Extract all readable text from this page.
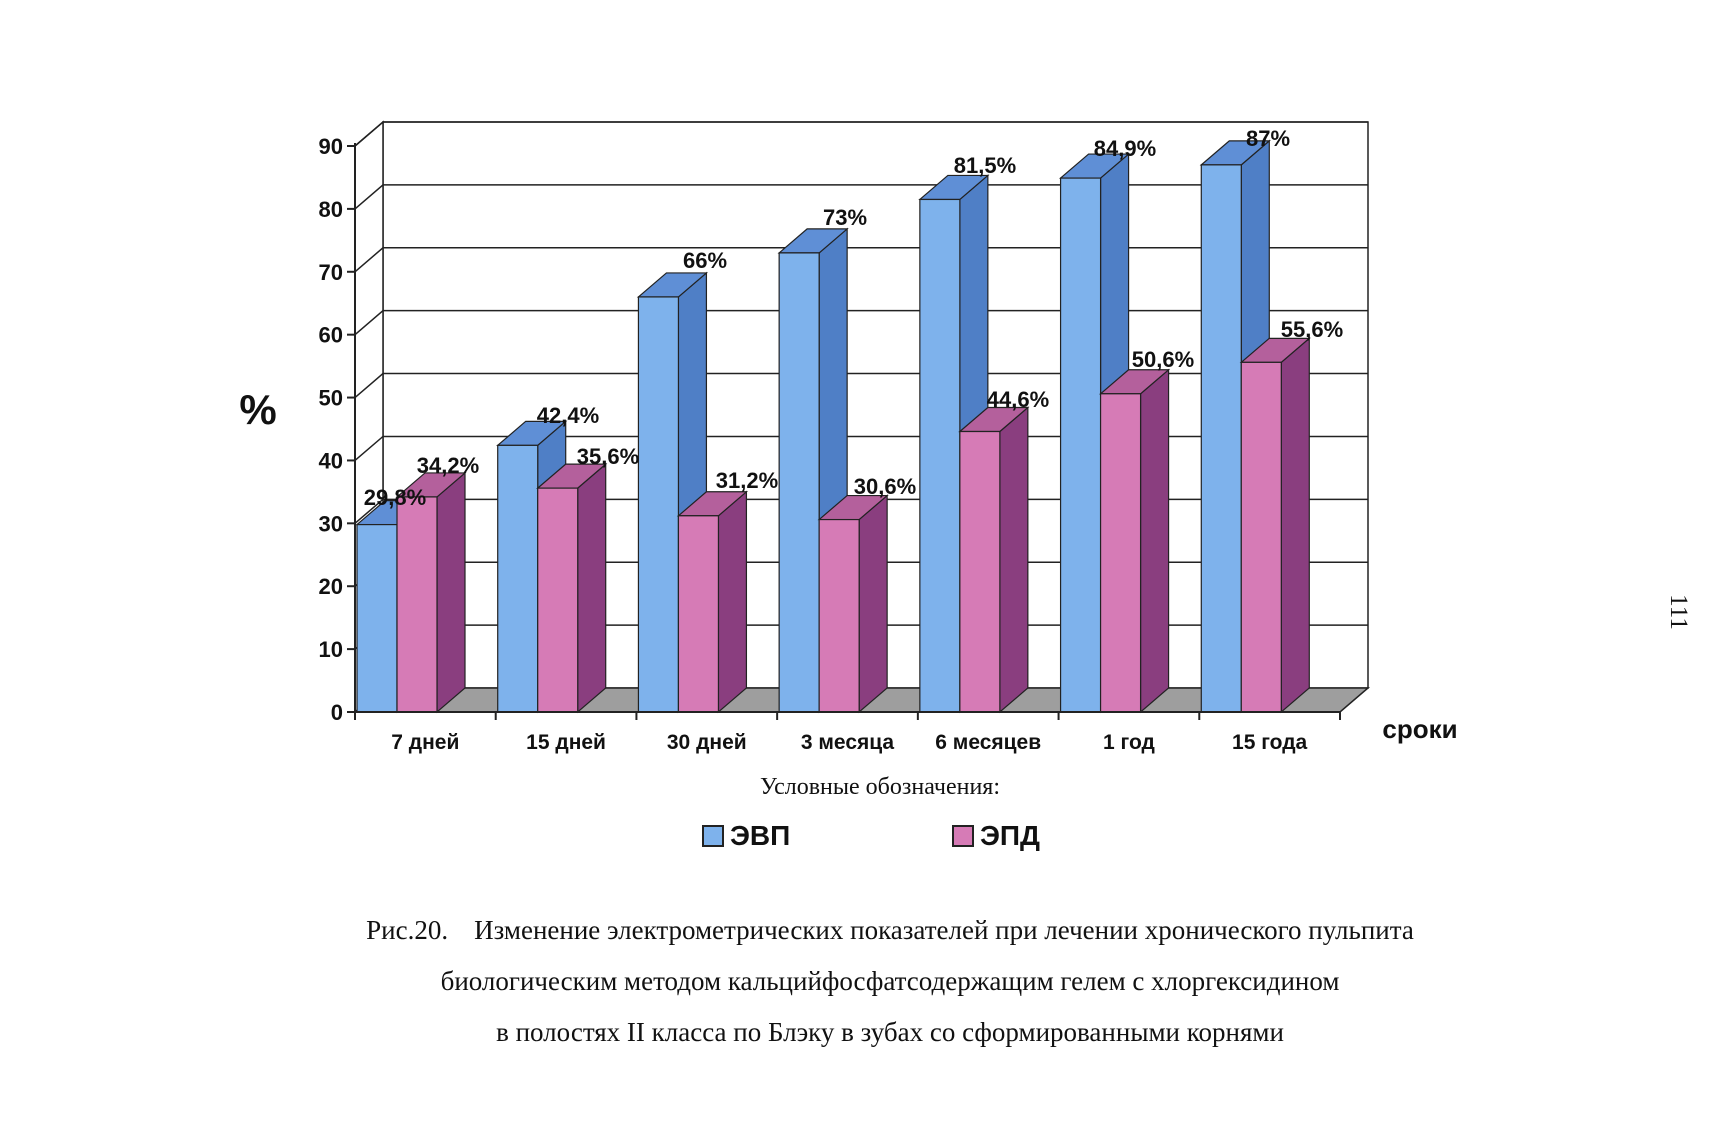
0
10
20
30
40
50
60
70
80
90
7 дней	15 дней	30 дней	3 месяца 6 месяцев	1 год	15 года
29,8%
34,2%
42,4%
35,6%
66%
31,2%
73%
30,6%
81,5%
44,6%
84,9%
50,6%
87%
55,6%
%
сроки
Условные обозначения:
ЭВП	ЭПД
Рис.20. Изменение электрометрических показателей при лечении хронического пульпита
биологическим методом кальцийфосфатсодержащим гелем с хлоргексидином
в полостях II класса по Блэку в зубах со сформированными корнями
111
